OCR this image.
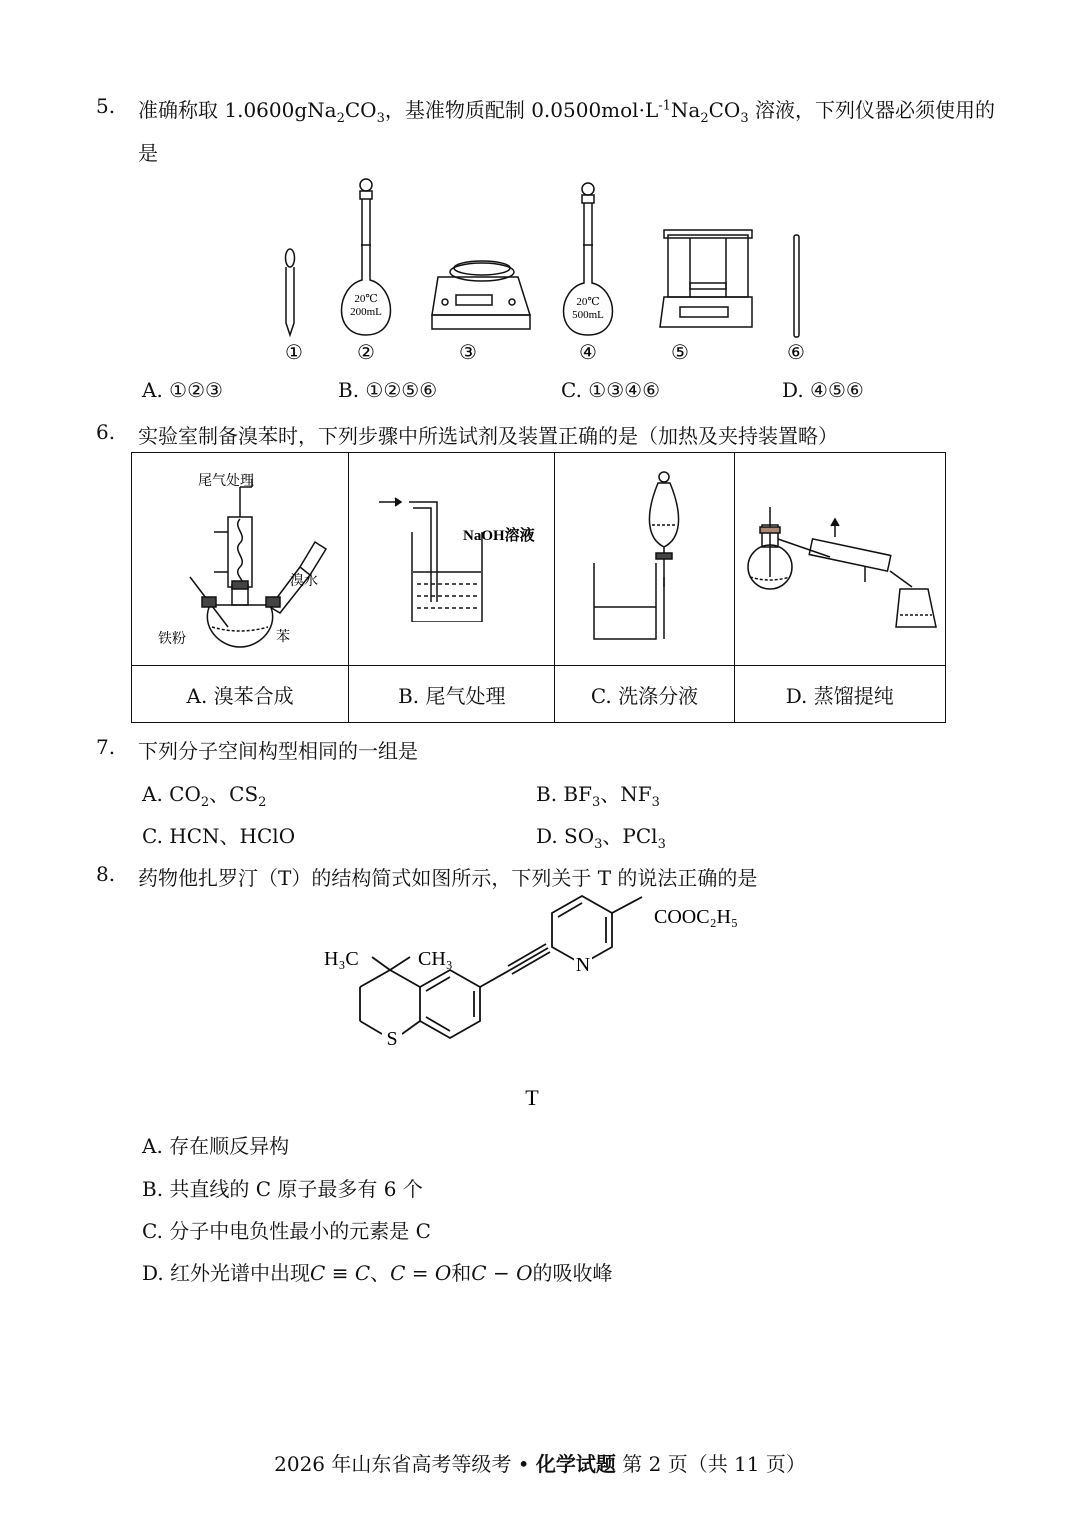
5. 准确称取 $1.0600gNa_2CO_3$，基准物质配制 $0.0500mol\cdot L^{-1}Na_2CO_3$ 溶液，下列仪器必须使用的
是
20℃
200mL
20℃
500mL
①	②	③	④	⑤	⑥
A. ①②③	B. ①②⑤⑥	C. ①③④⑥	D. ④⑤⑥
6. 实验室制备溴苯时，下列步骤中所选试剂及装置正确的是（加热及夹持装置略）
尾气处理
溴水
铁粉 苯	NaOH溶液

A. 溴苯合成	B. 尾气处理	C. 洗涤分液	D. 蒸馏提纯
7. 下列分子空间构型相同的一组是
A. $CO_2$、$CS_2$	B. $BF_3$、$NF_3$
C. HCN、HClO	D. $SO_3$、PCl$_3$
8. 药物他扎罗汀（T）的结构简式如图所示，下列关于 T 的说法正确的是
H₃C	CH₃
S
N
COOC₂H₅
T
A. 存在顺反异构
B. 共直线的 C 原子最多有 6 个
C. 分子中电负性最小的元素是 C
D. 红外光谱中出现C ≡ C、C = O和C − O的吸收峰
2026 年山东省高考等级考 • 化学试题 第 2 页（共 11 页）
